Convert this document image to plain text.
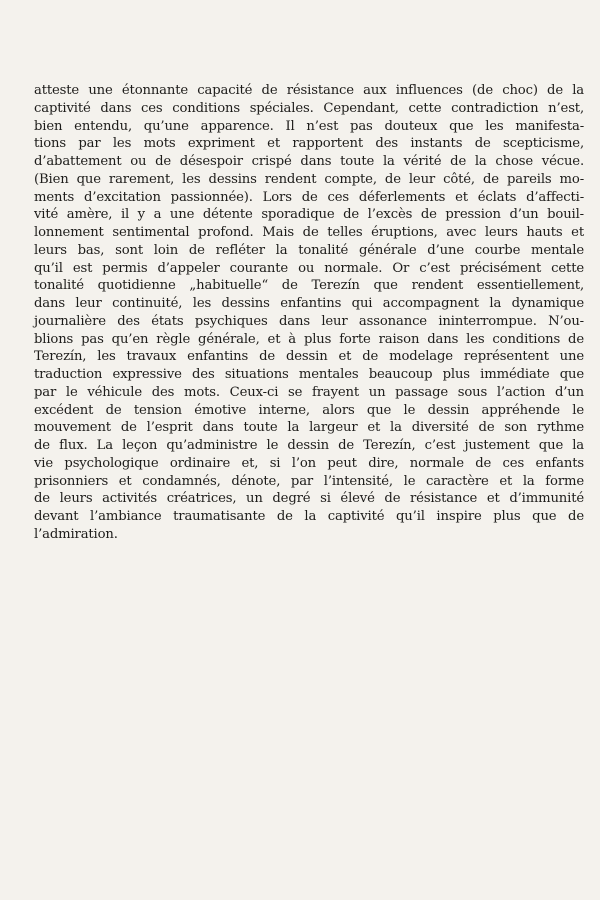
atteste une étonnante capacité de résistance aux influences (de choc) de la
captivité dans ces conditions spéciales. Cependant, cette contradiction n’est,
bien entendu, qu’une apparence. Il n’est pas douteux que les manifesta-
tions par les mots expriment et rapportent des instants de scepticisme,
d’abattement ou de désespoir crispé dans toute la vérité de la chose vécue.
(Bien que rarement, les dessins rendent compte, de leur côté, de pareils mo-
ments d’excitation passionnée). Lors de ces déferlements et éclats d’affecti-
vité amère, il y a une détente sporadique de l’excès de pression d’un bouil-
lonnement sentimental profond. Mais de telles éruptions, avec leurs hauts et
leurs bas, sont loin de refléter la tonalité générale d’une courbe mentale
qu’il est permis d’appeler courante ou normale. Or c’est précisément cette
tonalité quotidienne „habituelle“ de Terezín que rendent essentiellement,
dans leur continuité, les dessins enfantins qui accompagnent la dynamique
journalière des états psychiques dans leur assonance ininterrompue. N’ou-
blions pas qu’en règle générale, et à plus forte raison dans les conditions de
Terezín, les travaux enfantins de dessin et de modelage représentent une
traduction expressive des situations mentales beaucoup plus immédiate que
par le véhicule des mots. Ceux-ci se frayent un passage sous l’action d’un
excédent de tension émotive interne, alors que le dessin appréhende le
mouvement de l’esprit dans toute la largeur et la diversité de son rythme
de flux. La leçon qu’administre le dessin de Terezín, c’est justement que la
vie psychologique ordinaire et, si l’on peut dire, normale de ces enfants
prisonniers et condamnés, dénote, par l’intensité, le caractère et la forme
de leurs activités créatrices, un degré si élevé de résistance et d’immunité
devant l’ambiance traumatisante de la captivité qu’il inspire plus que de
l’admiration.
